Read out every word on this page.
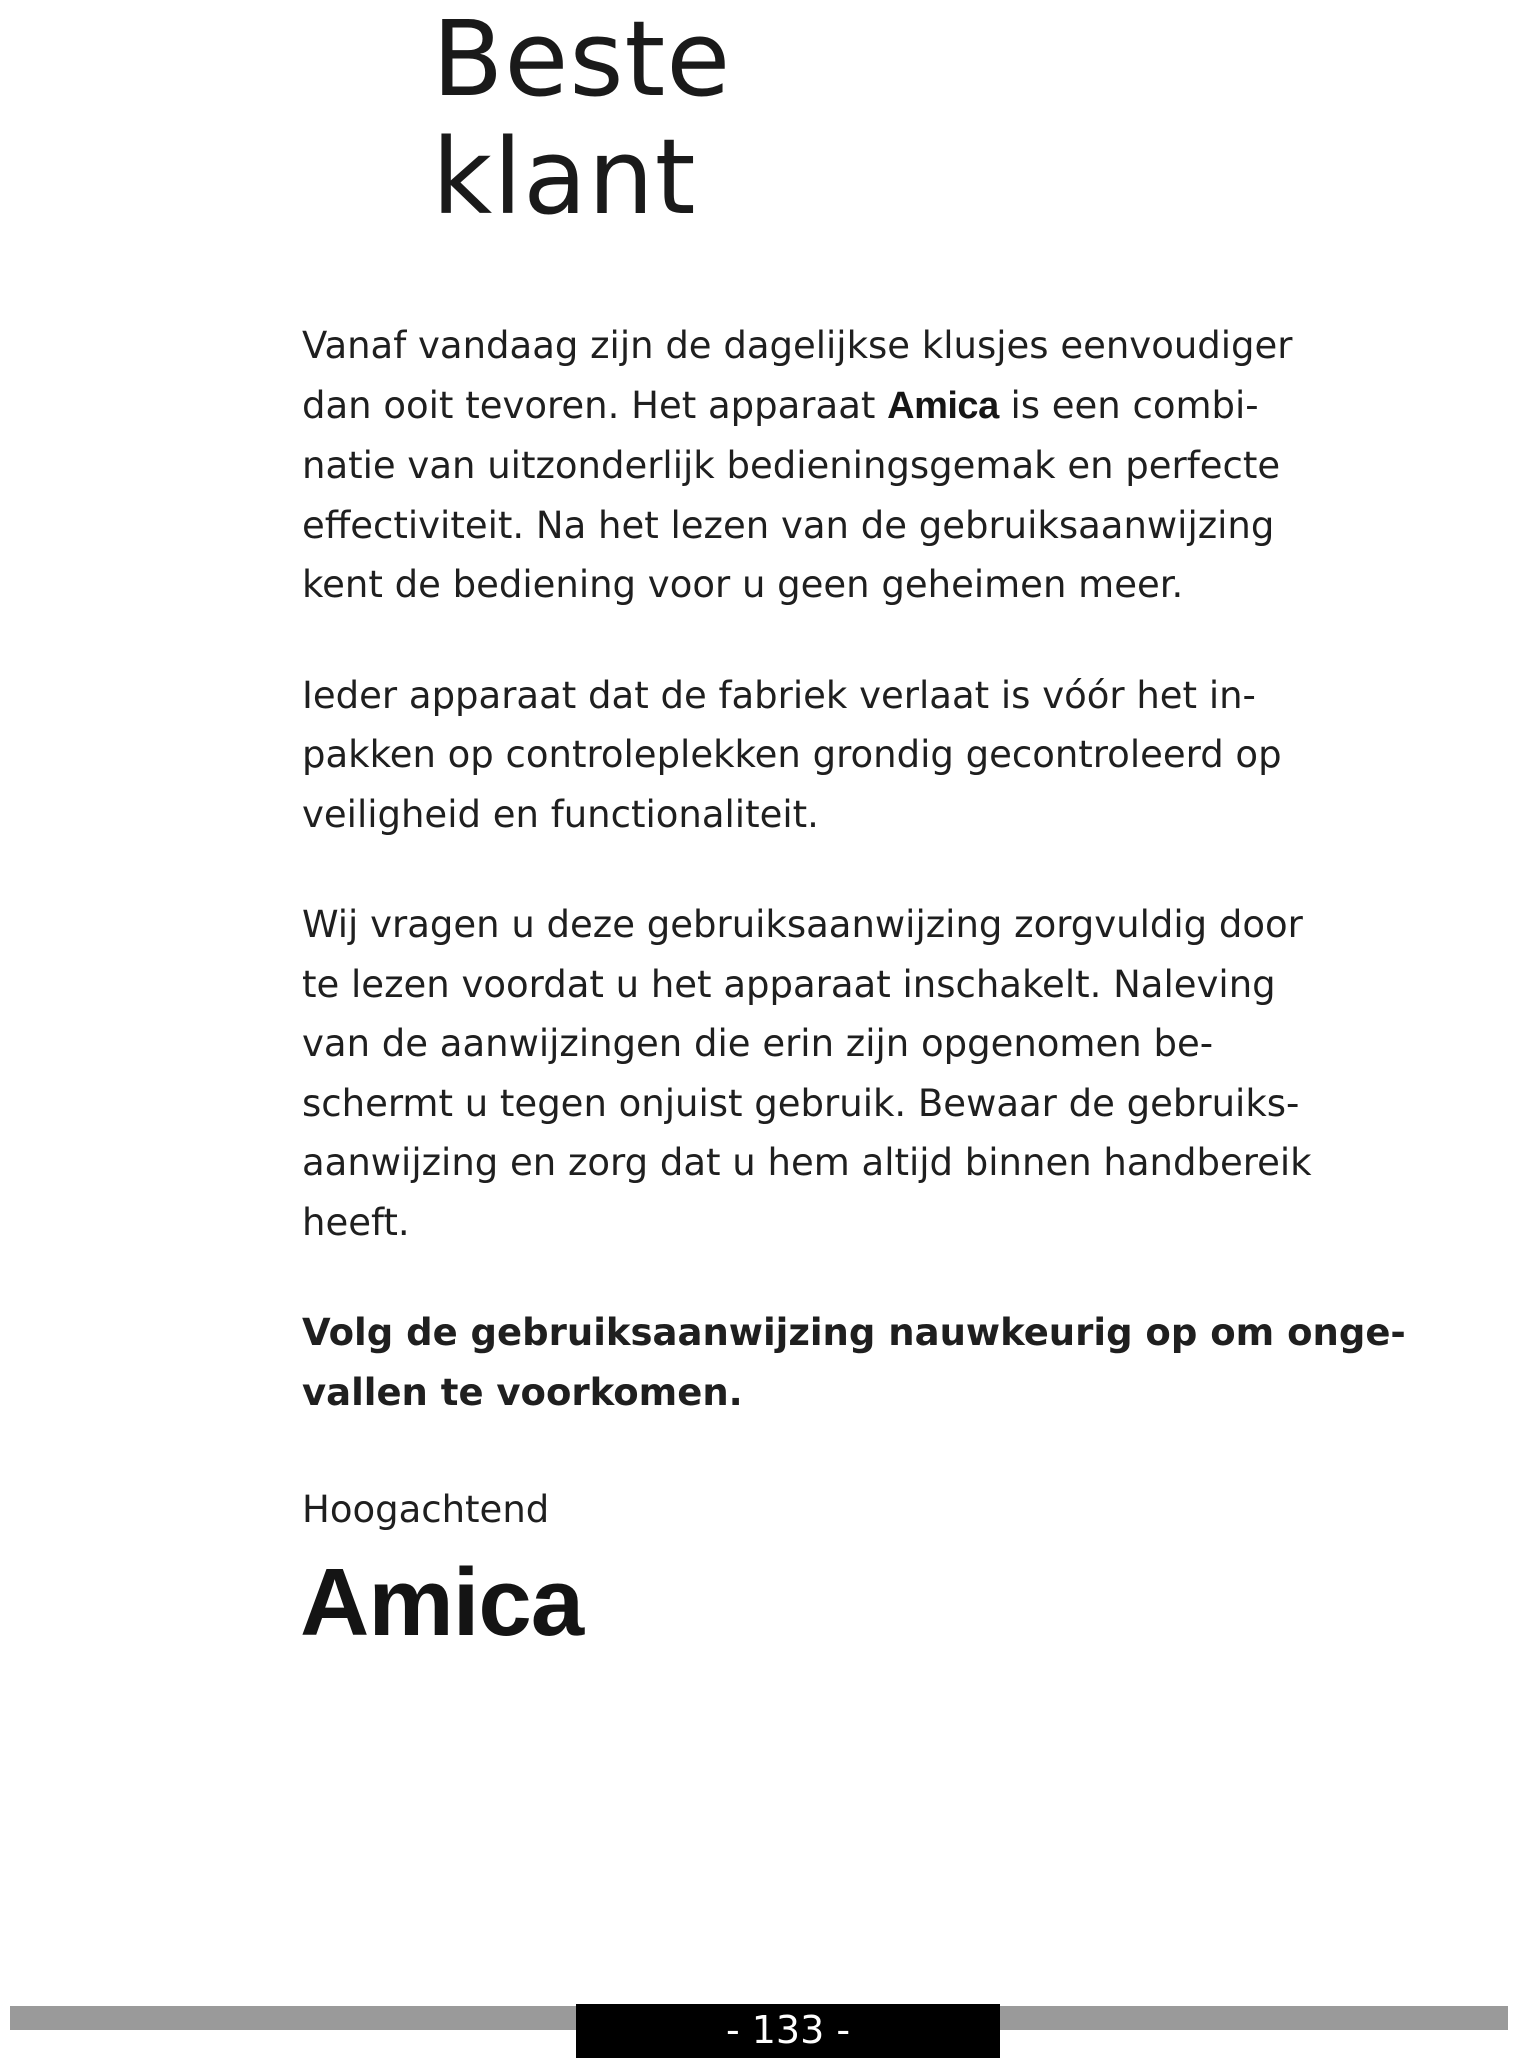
Beste
klant

Vanaf vandaag zijn de dagelijkse klusjes eenvoudiger
dan ooit tevoren. Het apparaat Amica is een combi-
natie van uitzonderlijk bedieningsgemak en perfecte
effectiviteit. Na het lezen van de gebruiksaanwijzing
kent de bediening voor u geen geheimen meer.

Ieder apparaat dat de fabriek verlaat is vóór het in-
pakken op controleplekken grondig gecontroleerd op
veiligheid en functionaliteit.

Wij vragen u deze gebruiksaanwijzing zorgvuldig door
te lezen voordat u het apparaat inschakelt. Naleving
van de aanwijzingen die erin zijn opgenomen be-
schermt u tegen onjuist gebruik. Bewaar de gebruiks-
aanwijzing en zorg dat u hem altijd binnen handbereik
heeft.

Volg de gebruiksaanwijzing nauwkeurig op om onge-
vallen te voorkomen.

Hoogachtend

Amica
- 133 -
